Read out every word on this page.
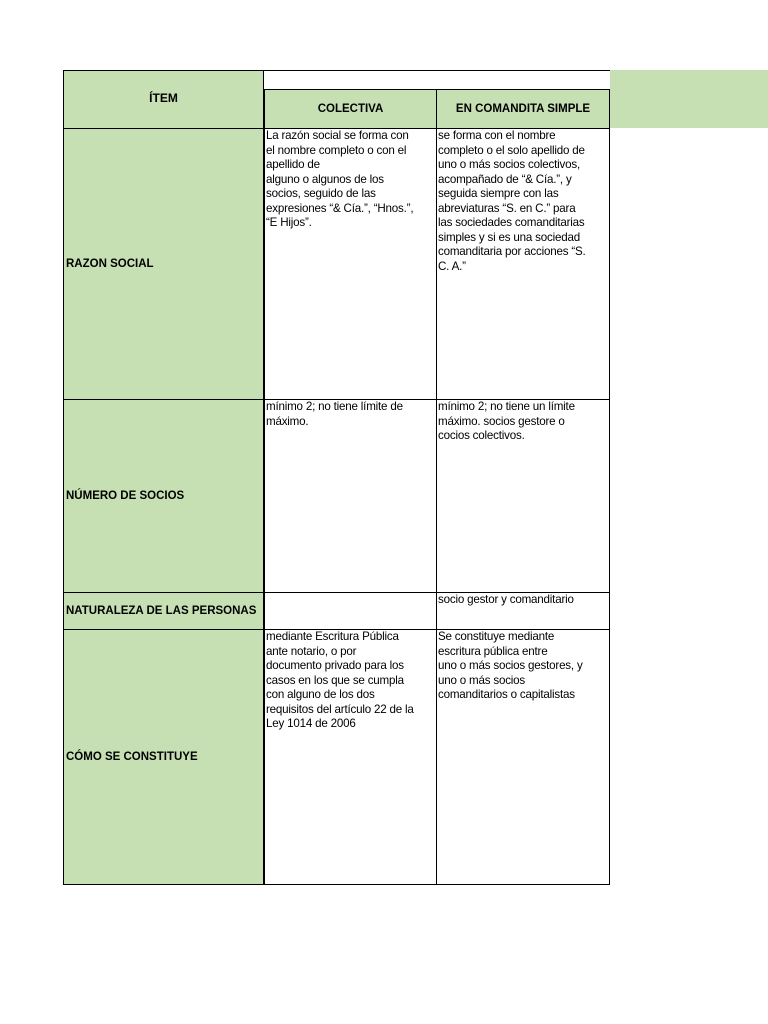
ÍTEM
COLECTIVA	EN COMANDITA SIMPLE
RAZON SOCIAL
La razón social se forma con
el nombre completo o con el
apellido de
alguno o algunos de los
socios, seguido de las
expresiones “& Cía.”, “Hnos.”,
“E Hijos”.
se forma con el nombre
completo o el solo apellido de
uno o más socios colectivos,
acompañado de “& Cía.”, y
seguida siempre con las
abreviaturas “S. en C.” para
las sociedades comanditarias
simples y si es una sociedad
comanditaria por acciones “S.
C. A.”
NÚMERO DE SOCIOS
mínimo 2; no tiene límite de
máximo.
mínimo 2; no tiene un límite
máximo. socios gestore o
cocios colectivos.
NATURALEZA DE LAS PERSONAS
socio gestor y comanditario
CÓMO SE CONSTITUYE
mediante Escritura Pública
ante notario, o por
documento privado para los
casos en los que se cumpla
con alguno de los dos
requisitos del artículo 22 de la
Ley 1014 de 2006
Se constituye mediante
escritura pública entre
uno o más socios gestores, y
uno o más socios
comanditarios o capitalistas
